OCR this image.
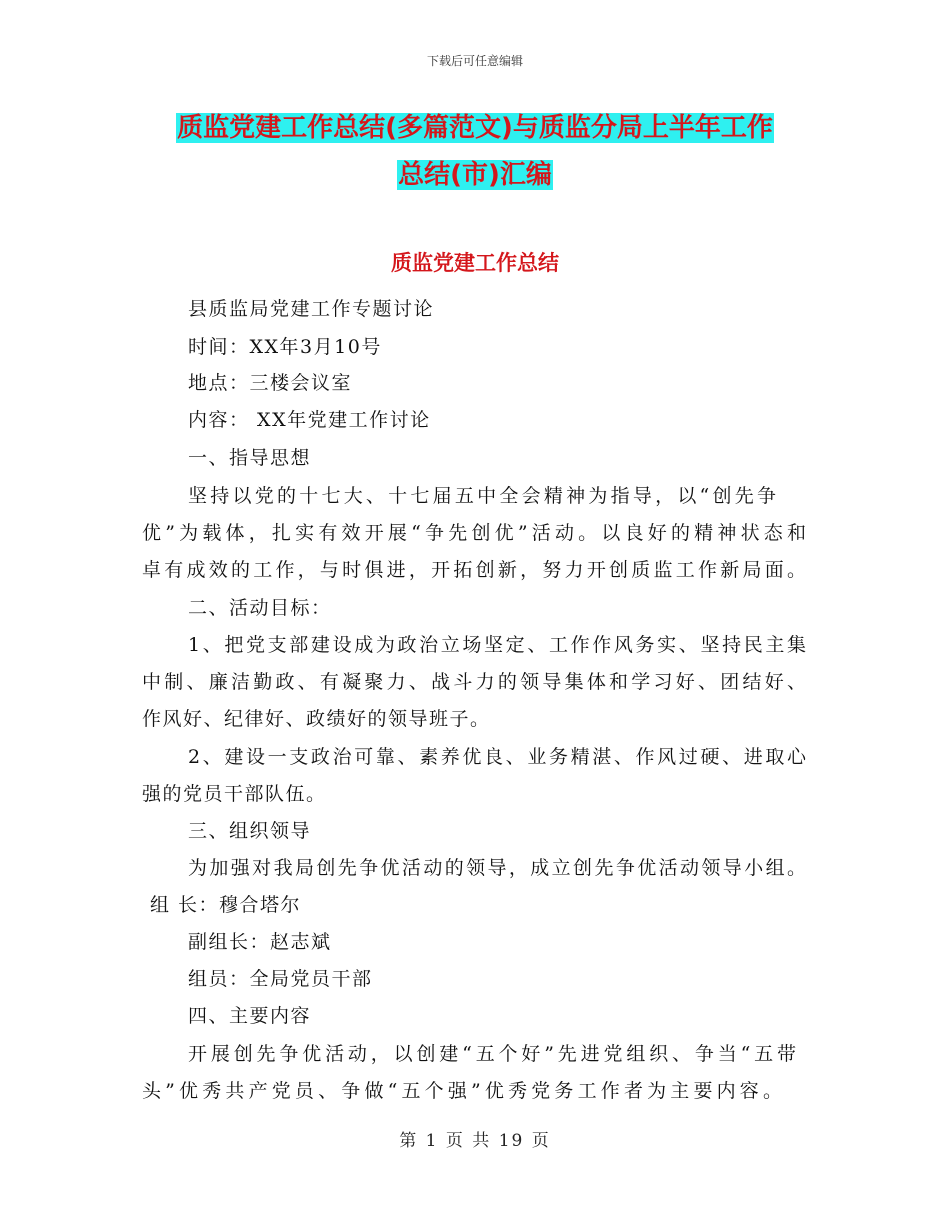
下载后可任意编辑
质监党建工作总结(多篇范文)与质监分局上半年工作
总结(市)汇编
质监党建工作总结
县质监局党建工作专题讨论
时间：XX年3月10号
地点：三楼会议室
内容： XX年党建工作讨论
一、指导思想
坚持以党的十七大、十七届五中全会精神为指导，以“创先争
优”为载体，扎实有效开展“争先创优”活动。以良好的精神状态和
卓有成效的工作，与时俱进，开拓创新，努力开创质监工作新局面。
二、活动目标：
1、把党支部建设成为政治立场坚定、工作作风务实、坚持民主集
中制、廉洁勤政、有凝聚力、战斗力的领导集体和学习好、团结好、
作风好、纪律好、政绩好的领导班子。
2、建设一支政治可靠、素养优良、业务精湛、作风过硬、进取心
强的党员干部队伍。
三、组织领导
为加强对我局创先争优活动的领导，成立创先争优活动领导小组。
组 长：穆合塔尔
副组长：赵志斌
组员：全局党员干部
四、主要内容
开展创先争优活动，以创建“五个好”先进党组织、争当“五带
头”优秀共产党员、争做“五个强”优秀党务工作者为主要内容。
第 1 页 共 19 页
